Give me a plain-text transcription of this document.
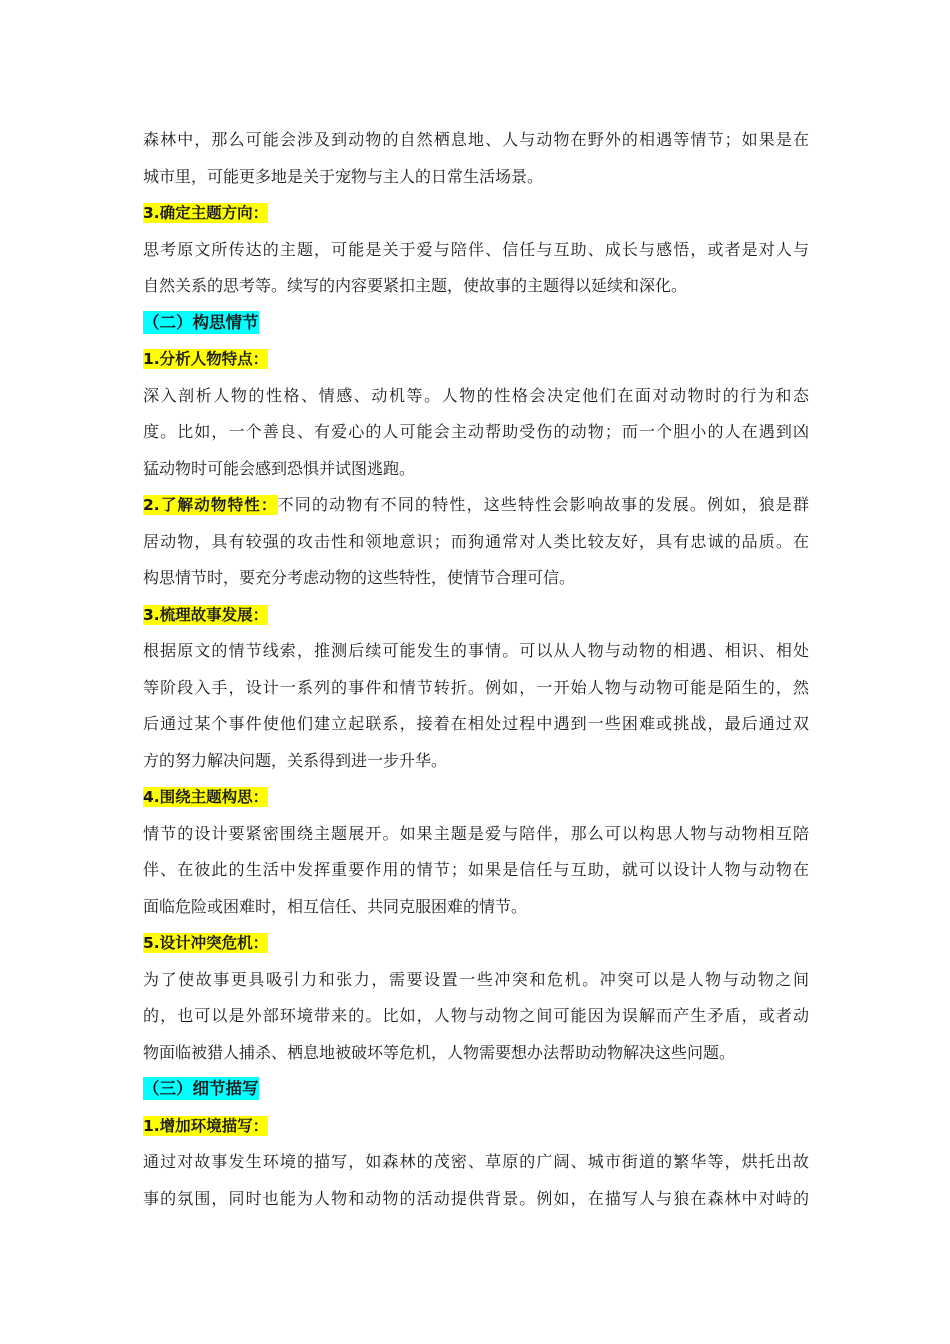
森林中，那么可能会涉及到动物的自然栖息地、人与动物在野外的相遇等情节；如果是在
城市里，可能更多地是关于宠物与主人的日常生活场景。
3.确定主题方向：
思考原文所传达的主题，可能是关于爱与陪伴、信任与互助、成长与感悟，或者是对人与
自然关系的思考等。续写的内容要紧扣主题，使故事的主题得以延续和深化。
（二）构思情节
1.分析人物特点：
深入剖析人物的性格、情感、动机等。人物的性格会决定他们在面对动物时的行为和态
度。比如，一个善良、有爱心的人可能会主动帮助受伤的动物；而一个胆小的人在遇到凶
猛动物时可能会感到恐惧并试图逃跑。
2.了解动物特性：不同的动物有不同的特性，这些特性会影响故事的发展。例如，狼是群
居动物，具有较强的攻击性和领地意识；而狗通常对人类比较友好，具有忠诚的品质。在
构思情节时，要充分考虑动物的这些特性，使情节合理可信。
3.梳理故事发展：
根据原文的情节线索，推测后续可能发生的事情。可以从人物与动物的相遇、相识、相处
等阶段入手，设计一系列的事件和情节转折。例如，一开始人物与动物可能是陌生的，然
后通过某个事件使他们建立起联系，接着在相处过程中遇到一些困难或挑战，最后通过双
方的努力解决问题，关系得到进一步升华。
4.围绕主题构思：
情节的设计要紧密围绕主题展开。如果主题是爱与陪伴，那么可以构思人物与动物相互陪
伴、在彼此的生活中发挥重要作用的情节；如果是信任与互助，就可以设计人物与动物在
面临危险或困难时，相互信任、共同克服困难的情节。
5.设计冲突危机：
为了使故事更具吸引力和张力，需要设置一些冲突和危机。冲突可以是人物与动物之间
的，也可以是外部环境带来的。比如，人物与动物之间可能因为误解而产生矛盾，或者动
物面临被猎人捕杀、栖息地被破坏等危机，人物需要想办法帮助动物解决这些问题。
（三）细节描写
1.增加环境描写：
通过对故事发生环境的描写，如森林的茂密、草原的广阔、城市街道的繁华等，烘托出故
事的氛围，同时也能为人物和动物的活动提供背景。例如，在描写人与狼在森林中对峙的
